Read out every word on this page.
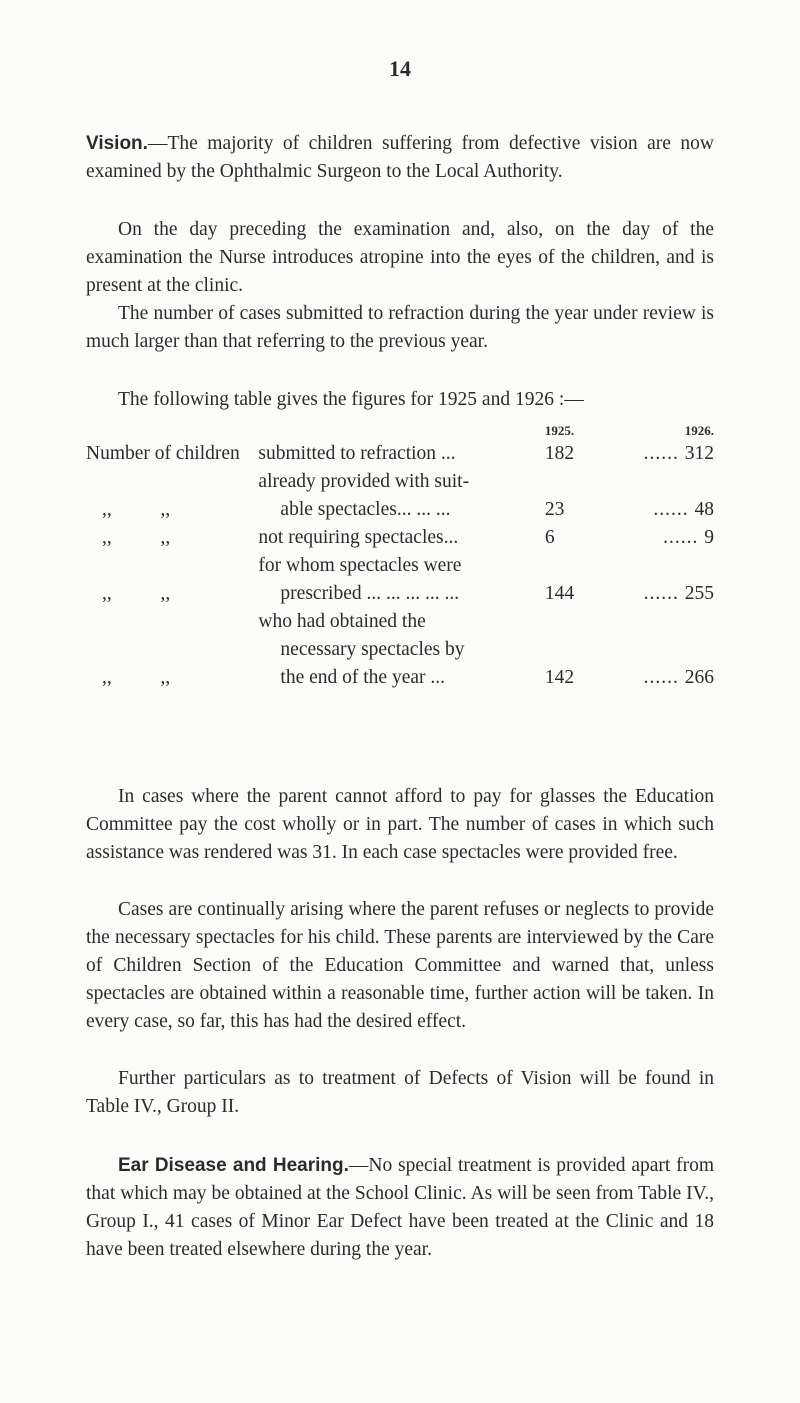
14

Vision.—The majority of children suffering from defective vision are now examined by the Ophthalmic Surgeon to the Local Authority.

On the day preceding the examination and, also, on the day of the examination the Nurse introduces atropine into the eyes of the children, and is present at the clinic.

The number of cases submitted to refraction during the year under review is much larger than that referring to the previous year.

The following table gives the figures for 1925 and 1926 :—

		1925.	1926.
Number of children	submitted to refraction ...	182	......312
,,          ,,	already provided with suit-
able spectacles... ... ...	23	......48
,,          ,,	not requiring spectacles...	6	......9
,,          ,,	for whom spectacles were
prescribed ... ... ... ... ...	144	......255
,,          ,,	who had obtained the
necessary spectacles bythe end of the year ...	142	......266

In cases where the parent cannot afford to pay for glasses the Education Committee pay the cost wholly or in part. The number of cases in which such assistance was rendered was 31. In each case spectacles were provided free.

Cases are continually arising where the parent refuses or neglects to provide the necessary spectacles for his child. These parents are interviewed by the Care of Children Section of the Education Committee and warned that, unless spectacles are obtained within a reasonable time, further action will be taken. In every case, so far, this has had the desired effect.

Further particulars as to treatment of Defects of Vision will be found in Table IV., Group II.

Ear Disease and Hearing.—No special treatment is provided apart from that which may be obtained at the School Clinic. As will be seen from Table IV., Group I., 41 cases of Minor Ear Defect have been treated at the Clinic and 18 have been treated elsewhere during the year.
